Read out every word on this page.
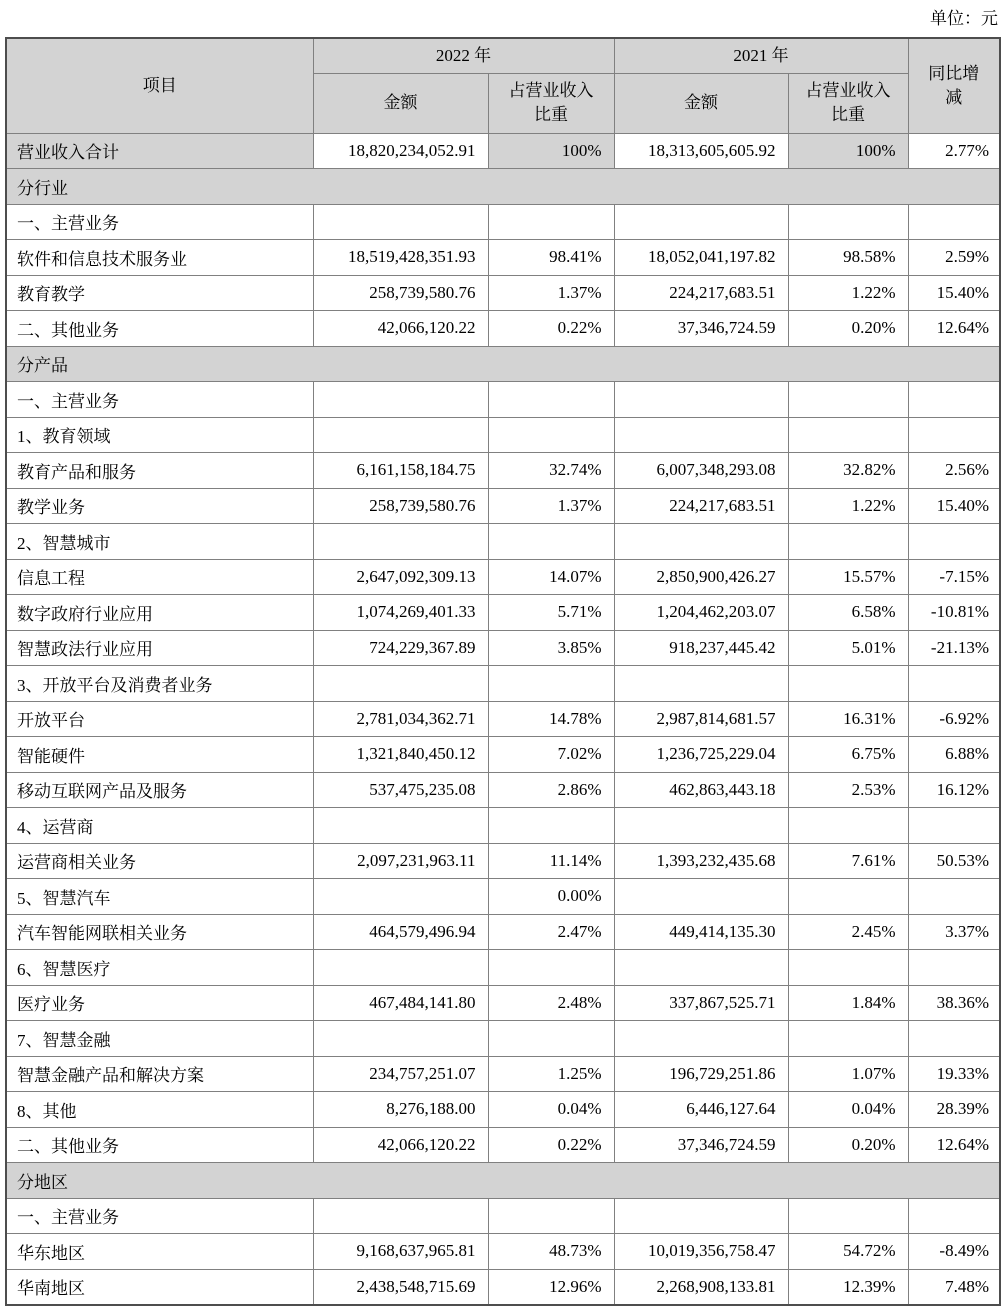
单位：元
项目	2022 年		2021 年		同比增减
	金额	占营业收入比重	金额	占营业收入比重	
营业收入合计	18,820,234,052.91	100%	18,313,605,605.92	100%	2.77%
分行业					
一、主营业务					
软件和信息技术服务业	18,519,428,351.93	98.41%	18,052,041,197.82	98.58%	2.59%
教育教学	258,739,580.76	1.37%	224,217,683.51	1.22%	15.40%
二、其他业务	42,066,120.22	0.22%	37,346,724.59	0.20%	12.64%
分产品					
一、主营业务					
1、教育领域					
教育产品和服务	6,161,158,184.75	32.74%	6,007,348,293.08	32.82%	2.56%
教学业务	258,739,580.76	1.37%	224,217,683.51	1.22%	15.40%
2、智慧城市					
信息工程	2,647,092,309.13	14.07%	2,850,900,426.27	15.57%	-7.15%
数字政府行业应用	1,074,269,401.33	5.71%	1,204,462,203.07	6.58%	-10.81%
智慧政法行业应用	724,229,367.89	3.85%	918,237,445.42	5.01%	-21.13%
3、开放平台及消费者业务					
开放平台	2,781,034,362.71	14.78%	2,987,814,681.57	16.31%	-6.92%
智能硬件	1,321,840,450.12	7.02%	1,236,725,229.04	6.75%	6.88%
移动互联网产品及服务	537,475,235.08	2.86%	462,863,443.18	2.53%	16.12%
4、运营商					
运营商相关业务	2,097,231,963.11	11.14%	1,393,232,435.68	7.61%	50.53%
5、智慧汽车		0.00%			
汽车智能网联相关业务	464,579,496.94	2.47%	449,414,135.30	2.45%	3.37%
6、智慧医疗					
医疗业务	467,484,141.80	2.48%	337,867,525.71	1.84%	38.36%
7、智慧金融					
智慧金融产品和解决方案	234,757,251.07	1.25%	196,729,251.86	1.07%	19.33%
8、其他	8,276,188.00	0.04%	6,446,127.64	0.04%	28.39%
二、其他业务	42,066,120.22	0.22%	37,346,724.59	0.20%	12.64%
分地区					
一、主营业务					
华东地区	9,168,637,965.81	48.73%	10,019,356,758.47	54.72%	-8.49%
华南地区	2,438,548,715.69	12.96%	2,268,908,133.81	12.39%	7.48%
